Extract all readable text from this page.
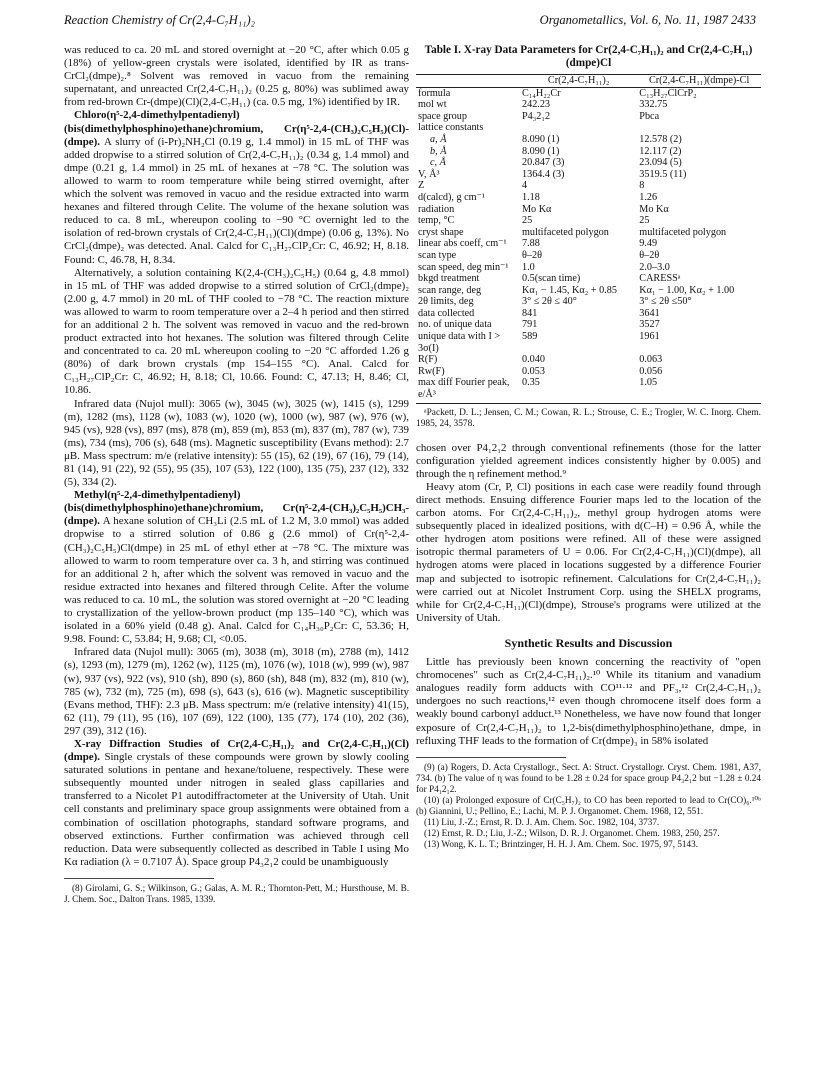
Reaction Chemistry of Cr(2,4-C₇H₁₁)₂	Organometallics, Vol. 6, No. 11, 1987 2433

was reduced to ca. 20 mL and stored overnight at −20 °C, after which 0.05 g (18%) of yellow-green crystals were isolated, identified by IR as trans-CrCl₂(dmpe)₂.⁸ Solvent was removed in vacuo from the remaining supernatant, and unreacted Cr(2,4-C₇H₁₁)₂ (0.25 g, 80%) was sublimed away from red-brown Cr-(dmpe)(Cl)(2,4-C₇H₁₁) (ca. 0.5 mg, 1%) identified by IR.

Chloro(η⁵-2,4-dimethylpentadienyl)(bis(dimethylphosphino)ethane)chromium, Cr(η⁵-2,4-(CH₃)₂C₅H₅)(Cl)-(dmpe). A slurry of (i-Pr)₂NH₂Cl (0.19 g, 1.4 mmol) in 15 mL of THF was added dropwise to a stirred solution of Cr(2,4-C₇H₁₁)₂ (0.34 g, 1.4 mmol) and dmpe (0.21 g, 1.4 mmol) in 25 mL of hexanes at −78 °C. The solution was allowed to warm to room temperature while being stirred overnight, after which the solvent was removed in vacuo and the residue extracted into warm hexanes and filtered through Celite. The volume of the hexane solution was reduced to ca. 8 mL, whereupon cooling to −90 °C overnight led to the isolation of red-brown crystals of Cr(2,4-C₇H₁₁)(Cl)(dmpe) (0.06 g, 13%). No CrCl₂(dmpe)₂ was detected. Anal. Calcd for C₁₃H₂₇ClP₂Cr: C, 46.92; H, 8.18. Found: C, 46.78, H, 8.34.

Alternatively, a solution containing K(2,4-(CH₃)₂C₅H₅) (0.64 g, 4.8 mmol) in 15 mL of THF was added dropwise to a stirred solution of CrCl₂(dmpe)₂ (2.00 g, 4.7 mmol) in 20 mL of THF cooled to −78 °C. The reaction mixture was allowed to warm to room temperature over a 2–4 h period and then stirred for an additional 2 h. The solvent was removed in vacuo and the red-brown product extracted into hot hexanes. The solution was filtered through Celite and concentrated to ca. 20 mL whereupon cooling to −20 °C afforded 1.26 g (80%) of dark brown crystals (mp 154–155 °C). Anal. Calcd for C₁₃H₂₇ClP₂Cr: C, 46.92; H, 8.18; Cl, 10.66. Found: C, 47.13; H, 8.46; Cl, 10.86.

Infrared data (Nujol mull): 3065 (w), 3045 (w), 3025 (w), 1415 (s), 1299 (m), 1282 (ms), 1128 (w), 1083 (w), 1020 (w), 1000 (w), 987 (w), 976 (w), 945 (vs), 928 (vs), 897 (ms), 878 (m), 859 (m), 853 (m), 837 (m), 787 (w), 739 (ms), 734 (ms), 706 (s), 648 (ms). Magnetic susceptibility (Evans method): 2.7 μB. Mass spectrum: m/e (relative intensity): 55 (15), 62 (19), 67 (16), 79 (14), 81 (14), 91 (22), 92 (55), 95 (35), 107 (53), 122 (100), 135 (75), 237 (12), 332 (5), 334 (2).

Methyl(η⁵-2,4-dimethylpentadienyl)(bis(dimethylphosphino)ethane)chromium, Cr(η⁵-2,4-(CH₃)₂C₅H₅)CH₃-(dmpe). A hexane solution of CH₃Li (2.5 mL of 1.2 M, 3.0 mmol) was added dropwise to a stirred solution of 0.86 g (2.6 mmol) of Cr(η⁵-2,4-(CH₃)₂C₅H₅)Cl(dmpe) in 25 mL of ethyl ether at −78 °C. The mixture was allowed to warm to room temperature over ca. 3 h, and stirring was continued for an additional 2 h, after which the solvent was removed in vacuo and the residue extracted into hexanes and filtered through Celite. After the volume was reduced to ca. 10 mL, the solution was stored overnight at −20 °C leading to crystallization of the yellow-brown product (mp 135–140 °C), which was isolated in a 60% yield (0.48 g). Anal. Calcd for C₁₄H₃₀P₂Cr: C, 53.36; H, 9.98. Found: C, 53.84; H, 9.68; Cl, <0.05.

Infrared data (Nujol mull): 3065 (m), 3038 (m), 3018 (m), 2788 (m), 1412 (s), 1293 (m), 1279 (m), 1262 (w), 1125 (m), 1076 (w), 1018 (w), 999 (w), 987 (w), 937 (vs), 922 (vs), 910 (sh), 890 (s), 860 (sh), 848 (m), 832 (m), 810 (w), 785 (w), 732 (m), 725 (m), 698 (s), 643 (s), 616 (w). Magnetic susceptibility (Evans method, THF): 2.3 μB. Mass spectrum: m/e (relative intensity) 41(15), 62 (11), 79 (11), 95 (16), 107 (69), 122 (100), 135 (77), 174 (10), 202 (36), 297 (39), 312 (16).

X-ray Diffraction Studies of Cr(2,4-C₇H₁₁)₂ and Cr(2,4-C₇H₁₁)(Cl)(dmpe). Single crystals of these compounds were grown by slowly cooling saturated solutions in pentane and hexane/toluene, respectively. These were subsequently mounted under nitrogen in sealed glass capillaries and transferred to a Nicolet P1 autodiffractometer at the University of Utah. Unit cell constants and preliminary space group assignments were obtained from a combination of oscillation photographs, standard software programs, and observed extinctions. Further confirmation was achieved through cell reduction. Data were subsequently collected as described in Table I using Mo Kα radiation (λ = 0.7107 Å). Space group P4₃2₁2 could be unambiguously

(8) Girolami, G. S.; Wilkinson, G.; Galas, A. M. R.; Thornton-Pett, M.; Hursthouse, M. B. J. Chem. Soc., Dalton Trans. 1985, 1339.

Table I. X-ray Data Parameters for Cr(2,4-C₇H₁₁)₂ and Cr(2,4-C₇H₁₁)(dmpe)Cl

	Cr(2,4-C₇H₁₁)₂	Cr(2,4-C₇H₁₁)(dmpe)-Cl
formula	C₁₄H₂₂Cr	C₁₃H₂₇ClCrP₂
mol wt	242.23	332.75
space group	P4₃2₁2	Pbca
lattice constants		
a, Å	8.090 (1)	12.578 (2)
b, Å	8.090 (1)	12.117 (2)
c, Å	20.847 (3)	23.094 (5)
V, Å³	1364.4 (3)	3519.5 (11)
Z	4	8
d(calcd), g cm⁻¹	1.18	1.26
radiation	Mo Kα	Mo Kα
temp, °C	25	25
cryst shape	multifaceted polygon	multifaceted polygon
linear abs coeff, cm⁻¹	7.88	9.49
scan type	θ–2θ	θ–2θ
scan speed, deg min⁻¹	1.0	2.0–3.0
bkgd treatment	0.5(scan time)	CARESSᵃ
scan range, deg	Kα₁ − 1.45, Kα₂ + 0.85	Kα₁ − 1.00, Kα₂ + 1.00
2θ limits, deg	3° ≤ 2θ ≤ 40°	3° ≤ 2θ ≤50°
data collected	841	3641
no. of unique data	791	3527
unique data with I > 3σ(I)	589	1961
R(F)	0.040	0.063
Rw(F)	0.053	0.056
max diff Fourier peak, e/Å³	0.35	1.05

ᵃPackett, D. L.; Jensen, C. M.; Cowan, R. L.; Strouse, C. E.; Trogler, W. C. Inorg. Chem. 1985, 24, 3578.

chosen over P4₁2₁2 through conventional refinements (those for the latter configuration yielded agreement indices consistently higher by 0.005) and through the η refinement method.⁹

Heavy atom (Cr, P, Cl) positions in each case were readily found through direct methods. Ensuing difference Fourier maps led to the location of the carbon atoms. For Cr(2,4-C₇H₁₁)₂, methyl group hydrogen atoms were subsequently placed in idealized positions, with d(C–H) = 0.96 Å, while the other hydrogen atom positions were refined. All of these were assigned isotropic thermal parameters of U = 0.06. For Cr(2,4-C₇H₁₁)(Cl)(dmpe), all hydrogen atoms were placed in locations suggested by a difference Fourier map and subjected to isotropic refinement. Calculations for Cr(2,4-C₇H₁₁)₂ were carried out at Nicolet Instrument Corp. using the SHELX programs, while for Cr(2,4-C₇H₁₁)(Cl)(dmpe), Strouse's programs were utilized at the University of Utah.

Synthetic Results and Discussion

Little has previously been known concerning the reactivity of "open chromocenes" such as Cr(2,4-C₇H₁₁)₂.¹⁰ While its titanium and vanadium analogues readily form adducts with CO¹¹·¹² and PF₃,¹² Cr(2,4-C₇H₁₁)₂ undergoes no such reactions,¹² even though chromocene itself does form a weakly bound carbonyl adduct.¹³ Nonetheless, we have now found that longer exposure of Cr(2,4-C₇H₁₁)₂ to 1,2-bis(dimethylphosphino)ethane, dmpe, in refluxing THF leads to the formation of Cr(dmpe)₃ in 58% isolated

(9) (a) Rogers, D. Acta Crystallogr., Sect. A: Struct. Crystallogr. Cryst. Chem. 1981, A37, 734. (b) The value of η was found to be 1.28 ± 0.24 for space group P4₃2₁2 but −1.28 ± 0.24 for P4₁2₁2.

(10) (a) Prolonged exposure of Cr(C₅H₇)₂ to CO has been reported to lead to Cr(CO)₆.¹⁰ᵇ (b) Giannini, U.; Pellino, E.; Lachi, M. P. J. Organomet. Chem. 1968, 12, 551.

(11) Liu, J.-Z.; Ernst, R. D. J. Am. Chem. Soc. 1982, 104, 3737.

(12) Ernst, R. D.; Liu, J.-Z.; Wilson, D. R. J. Organomet. Chem. 1983, 250, 257.

(13) Wong, K. L. T.; Brintzinger, H. H. J. Am. Chem. Soc. 1975, 97, 5143.
